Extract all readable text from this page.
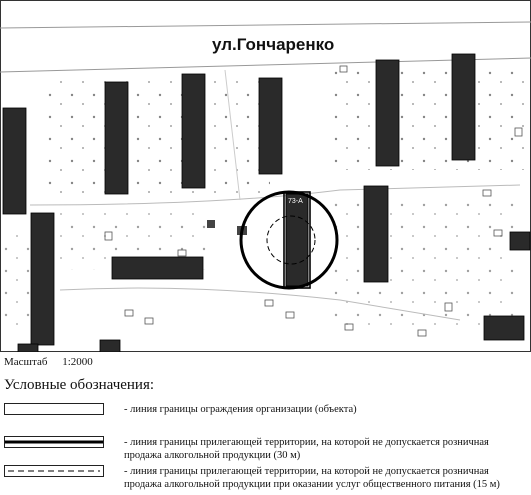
ул.Гончаренко
73-А
Масштаб 1:2000
Условные обозначения:
- линия границы ограждения организации (объекта)
- линия границы прилегающей территории, на которой не допускается розничная продажа алкогольной продукции (30 м)
- линия границы прилегающей территории, на которой не допускается розничная продажа алкогольной продукции при оказании услуг общественного питания (15 м)
